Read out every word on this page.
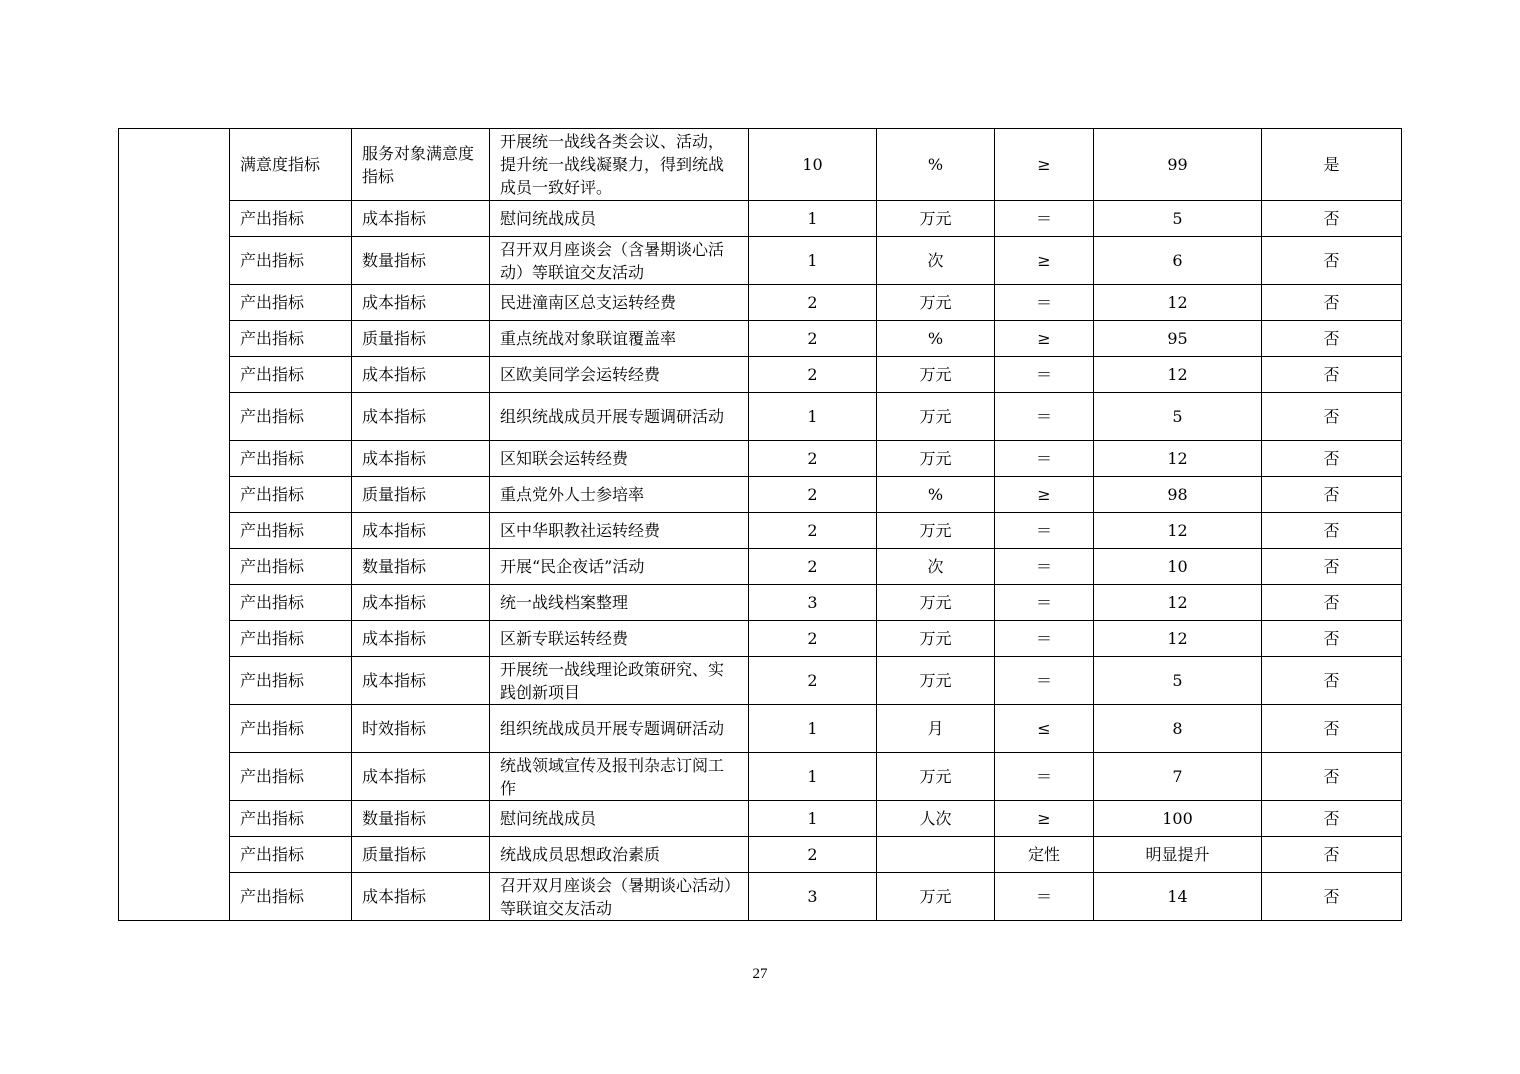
	满意度指标	服务对象满意度指标	开展统一战线各类会议、活动，提升统一战线凝聚力，得到统战成员一致好评。	10	%	≥	99	是
	产出指标	成本指标	慰问统战成员	1	万元	＝	5	否
	产出指标	数量指标	召开双月座谈会（含暑期谈心活动）等联谊交友活动	1	次	≥	6	否
	产出指标	成本指标	民进潼南区总支运转经费	2	万元	＝	12	否
	产出指标	质量指标	重点统战对象联谊覆盖率	2	%	≥	95	否
	产出指标	成本指标	区欧美同学会运转经费	2	万元	＝	12	否
	产出指标	成本指标	组织统战成员开展专题调研活动	1	万元	＝	5	否
	产出指标	成本指标	区知联会运转经费	2	万元	＝	12	否
	产出指标	质量指标	重点党外人士参培率	2	%	≥	98	否
	产出指标	成本指标	区中华职教社运转经费	2	万元	＝	12	否
	产出指标	数量指标	开展“民企夜话”活动	2	次	＝	10	否
	产出指标	成本指标	统一战线档案整理	3	万元	＝	12	否
	产出指标	成本指标	区新专联运转经费	2	万元	＝	12	否
	产出指标	成本指标	开展统一战线理论政策研究、实践创新项目	2	万元	＝	5	否
	产出指标	时效指标	组织统战成员开展专题调研活动	1	月	≤	8	否
	产出指标	成本指标	统战领域宣传及报刊杂志订阅工作	1	万元	＝	7	否
	产出指标	数量指标	慰问统战成员	1	人次	≥	100	否
	产出指标	质量指标	统战成员思想政治素质	2		定性	明显提升	否
	产出指标	成本指标	召开双月座谈会（暑期谈心活动）等联谊交友活动	3	万元	＝	14	否
27
